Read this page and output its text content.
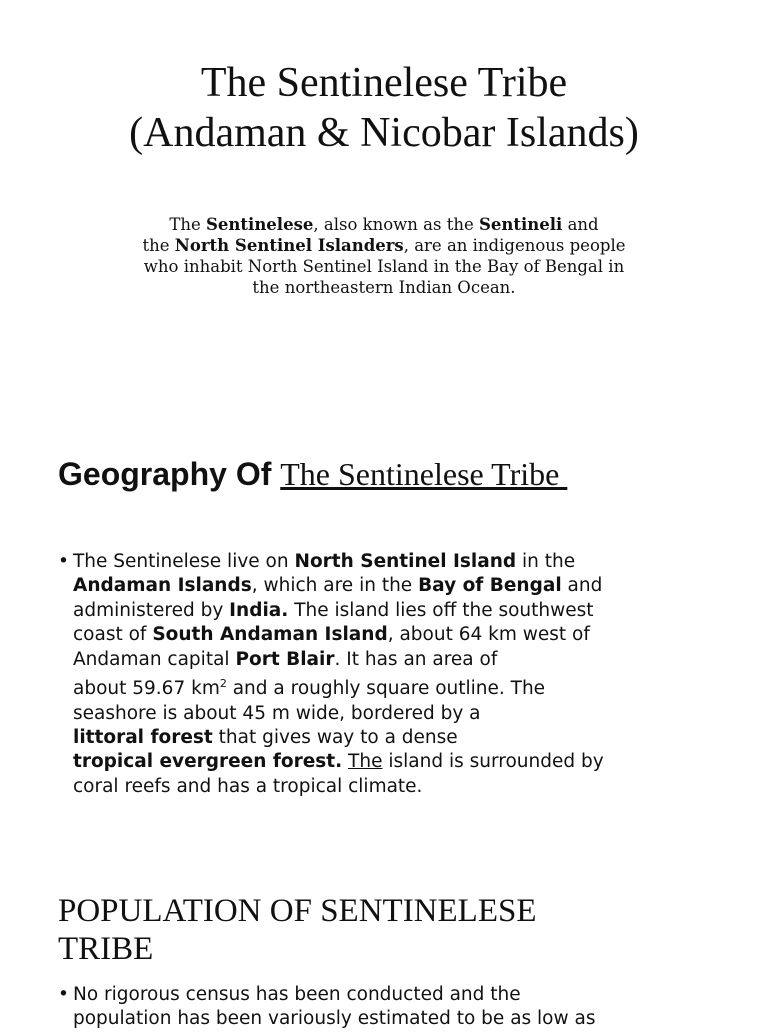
The Sentinelese Tribe
(Andaman & Nicobar Islands)
The Sentinelese, also known as the Sentineli and
the North Sentinel Islanders, are an indigenous people
who inhabit North Sentinel Island in the Bay of Bengal in
the northeastern Indian Ocean.
Geography Of The Sentinelese Tribe
• The Sentinelese live on North Sentinel Island in the
Andaman Islands, which are in the Bay of Bengal and
administered by India. The island lies off the southwest
coast of South Andaman Island, about 64 km west of
Andaman capital Port Blair. It has an area of
about 59.67 $km^2$ and a roughly square outline. The
seashore is about 45 m wide, bordered by a
littoral forest that gives way to a dense
tropical evergreen forest. The island is surrounded by
coral reefs and has a tropical climate.
POPULATION OF SENTINELESE
TRIBE
• No rigorous census has been conducted and the
population has been variously estimated to be as low as
